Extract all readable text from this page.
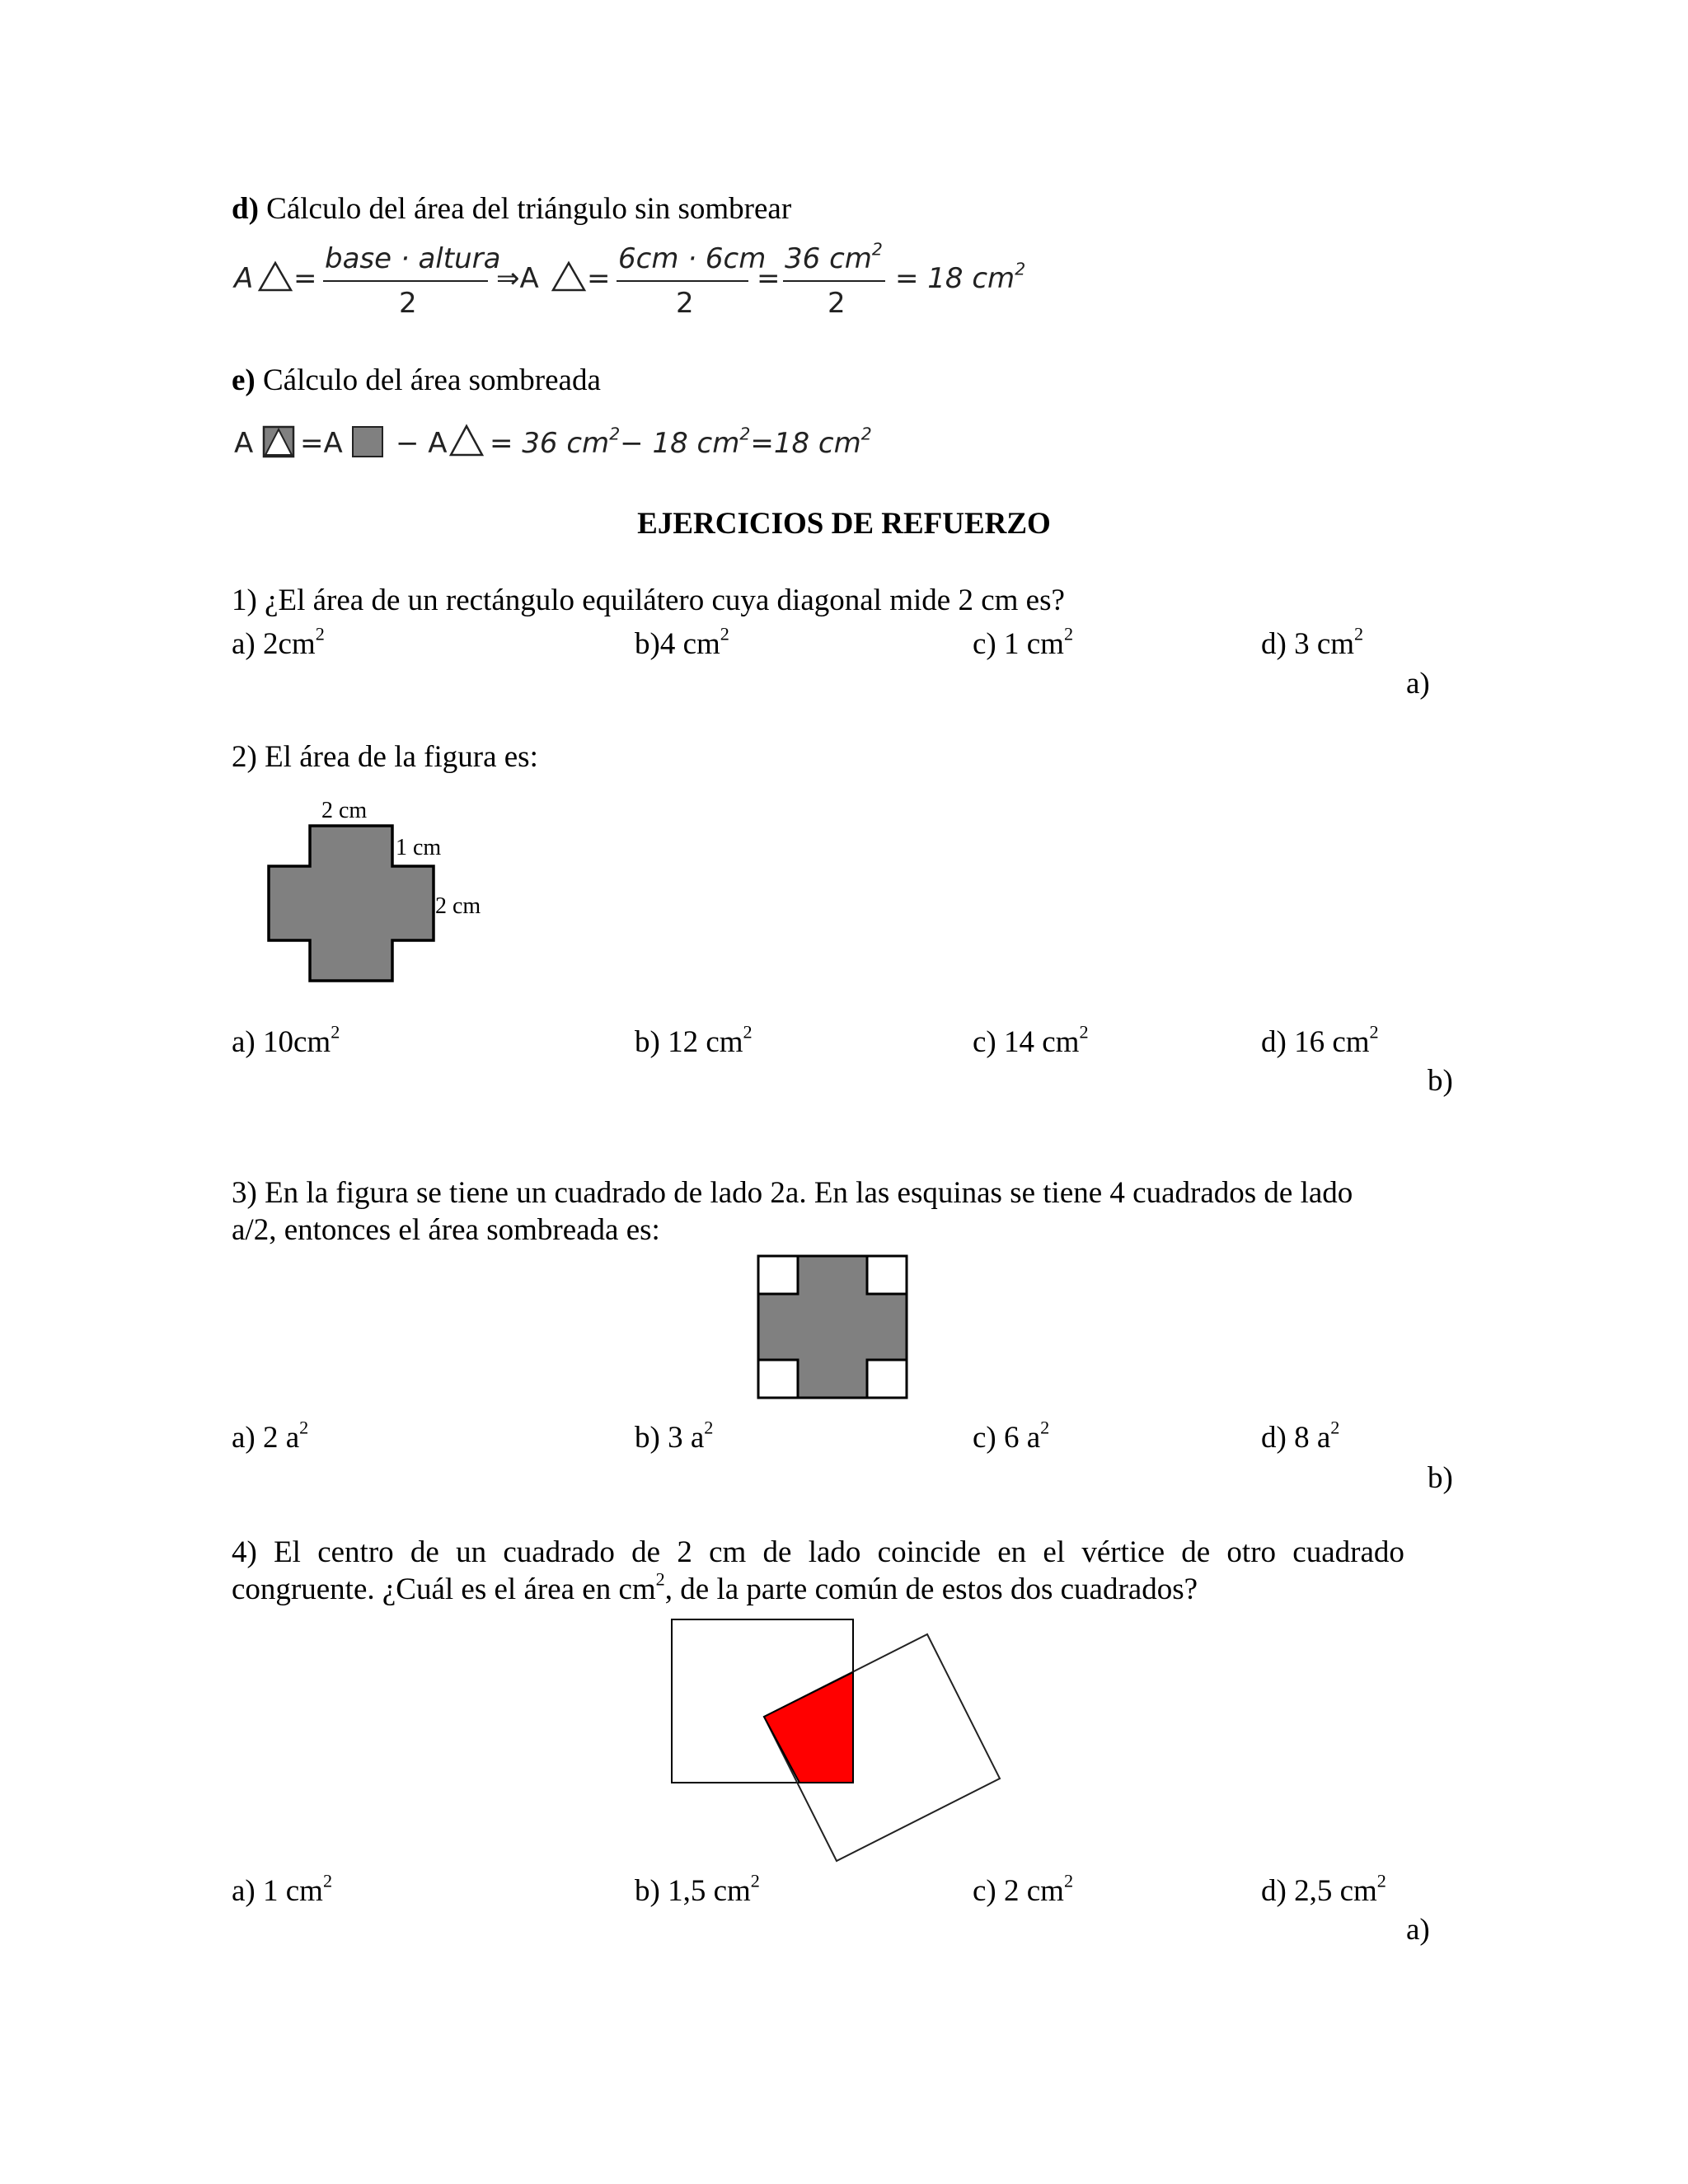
d) Cálculo del área del triángulo sin sombrear
A =
base · altura
2
⇒A =
6cm · 6cm
2
=
36 $cm^2$
2
= 18 $cm^2$
e) Cálculo del área sombreada
A =A − A = 36 $cm^2- 18$ $cm^2=18$ $cm^2$
EJERCICIOS DE REFUERZO
1) ¿El área de un rectángulo equilátero cuya diagonal mide 2 cm es?
a) $2cm^2$	b)4 $cm^2$	c) 1 $cm^2$	d) 3 $cm^2$
a)
2) El área de la figura es:
2 cm
1 cm
2 cm
a) $10cm^2$	b) 12 $cm^2$	c) 14 $cm^2$	d) 16 $cm^2$
b)
3) En la figura se tiene un cuadrado de lado 2a. En las esquinas se tiene 4 cuadrados de lado
a/2, entonces el área sombreada es:
a) 2 $a^2$	b) 3 $a^2$	c) 6 $a^2$	d) 8 $a^2$
b)
4) El centro de un cuadrado de 2 cm de lado coincide en el vértice de otro cuadrado
congruente. ¿Cuál es el área en $cm^2$, de la parte común de estos dos cuadrados?
a) 1 $cm^2$	b) 1,5 $cm^2$	c) 2 $cm^2$	d) 2,5 $cm^2$
a)
